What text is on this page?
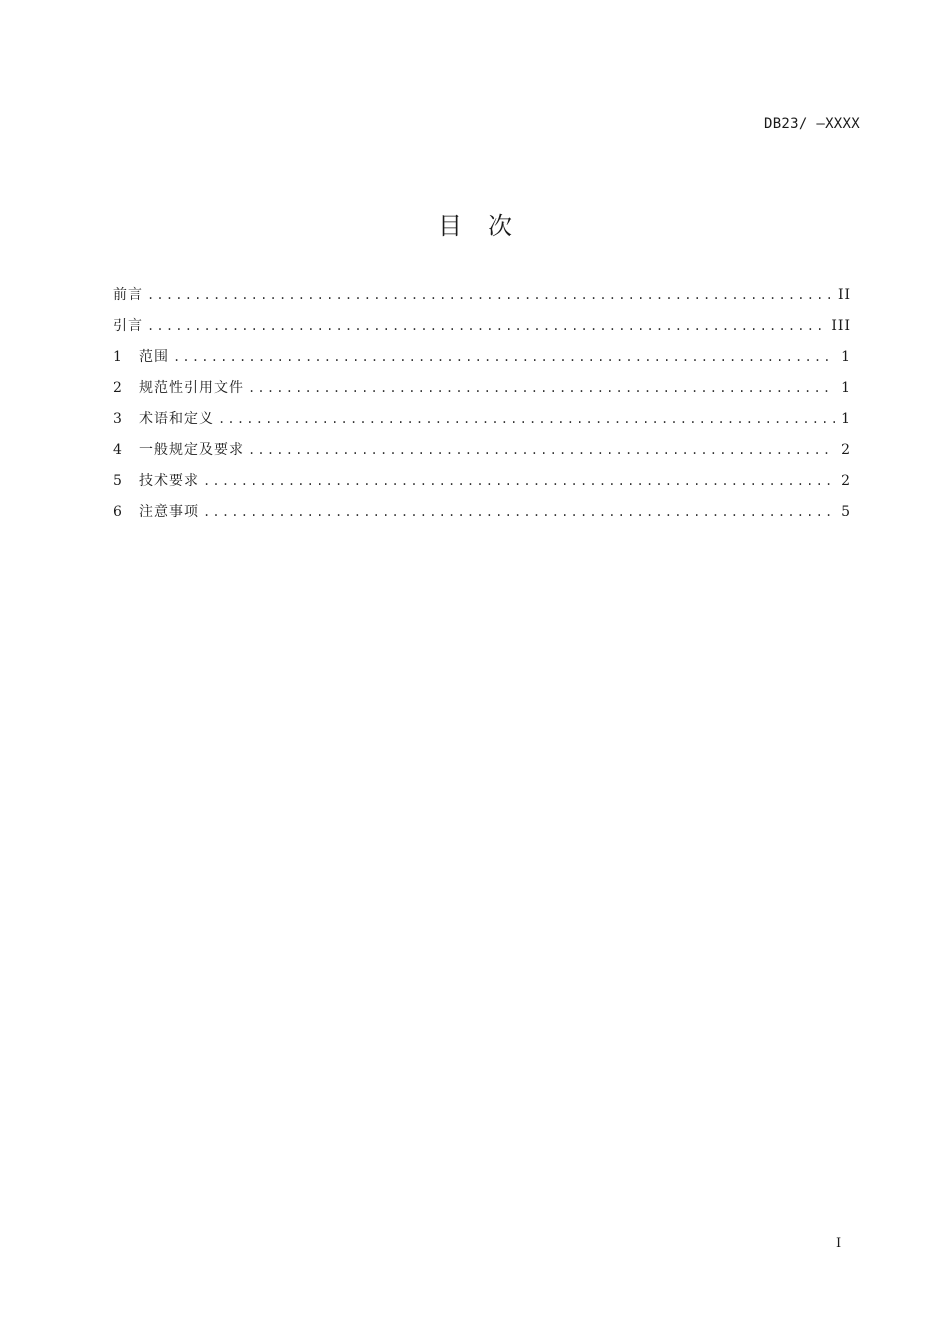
DB23/ —XXXX
目次
前言 .....	II
引言 .....	III
1	范围 .....	1
2	规范性引用文件 .....	1
3	术语和定义 .....	1
4	一般规定及要求 .....	2
5	技术要求 .....	2
6	注意事项 .....	5
I
